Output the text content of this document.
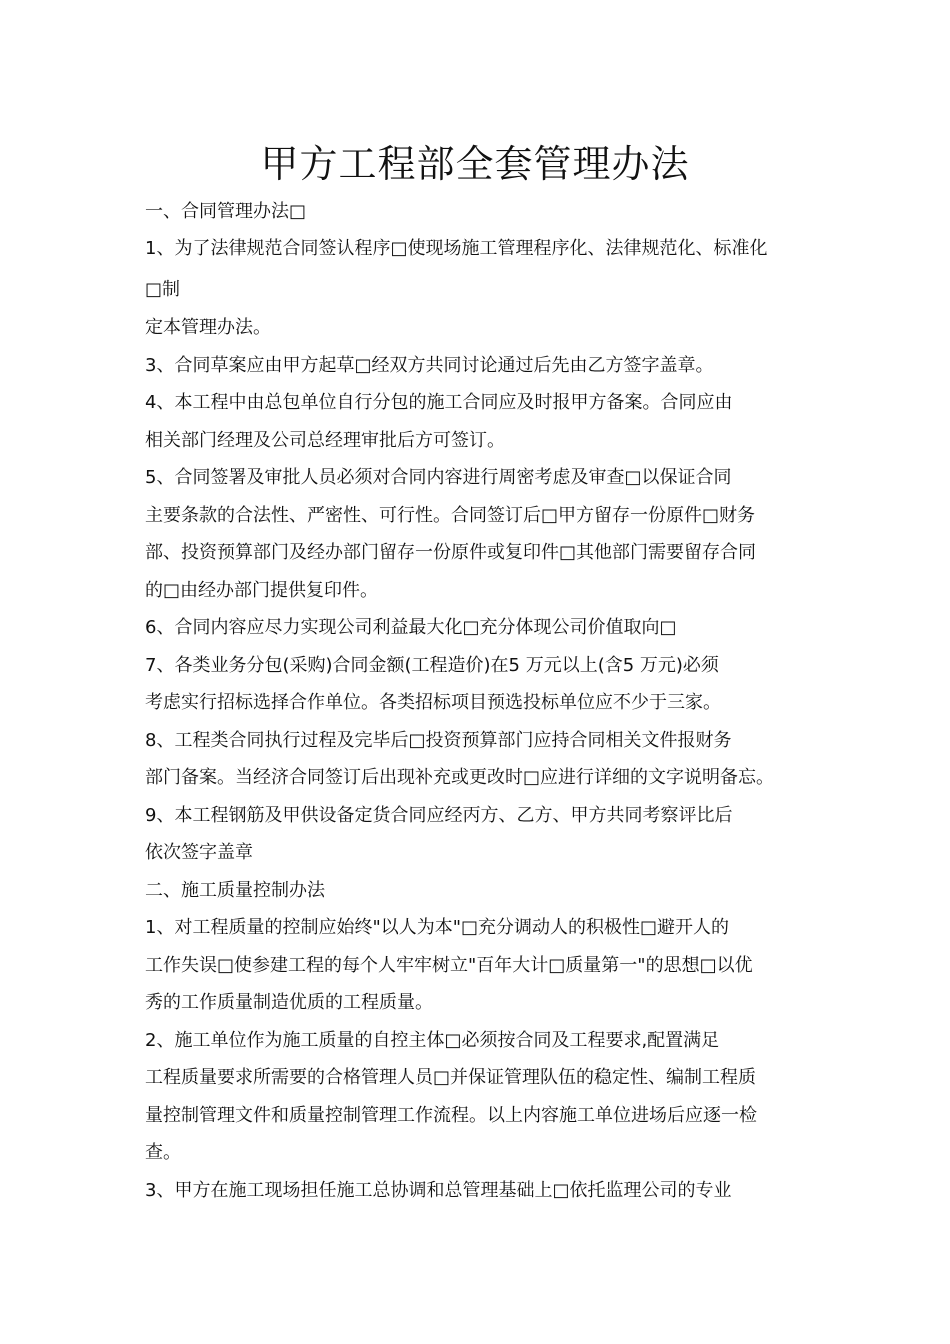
甲方工程部全套管理办法
一、合同管理办法□
1、为了法律规范合同签认程序□使现场施工管理程序化、法律规范化、标准化
□制
定本管理办法。
3、合同草案应由甲方起草□经双方共同讨论通过后先由乙方签字盖章。
4、本工程中由总包单位自行分包的施工合同应及时报甲方备案。合同应由
相关部门经理及公司总经理审批后方可签订。
5、合同签署及审批人员必须对合同内容进行周密考虑及审查□以保证合同
主要条款的合法性、严密性、可行性。合同签订后□甲方留存一份原件□财务
部、投资预算部门及经办部门留存一份原件或复印件□其他部门需要留存合同
的□由经办部门提供复印件。
6、合同内容应尽力实现公司利益最大化□充分体现公司价值取向□
7、各类业务分包(采购)合同金额(工程造价)在5 万元以上(含5 万元)必须
考虑实行招标选择合作单位。各类招标项目预选投标单位应不少于三家。
8、工程类合同执行过程及完毕后□投资预算部门应持合同相关文件报财务
部门备案。当经济合同签订后出现补充或更改时□应进行详细的文字说明备忘。
9、本工程钢筋及甲供设备定货合同应经丙方、乙方、甲方共同考察评比后
依次签字盖章
二、施工质量控制办法
1、对工程质量的控制应始终"以人为本"□充分调动人的积极性□避开人的
工作失误□使参建工程的每个人牢牢树立"百年大计□质量第一"的思想□以优
秀的工作质量制造优质的工程质量。
2、施工单位作为施工质量的自控主体□必须按合同及工程要求,配置满足
工程质量要求所需要的合格管理人员□并保证管理队伍的稳定性、编制工程质
量控制管理文件和质量控制管理工作流程。以上内容施工单位进场后应逐一检
查。
3、甲方在施工现场担任施工总协调和总管理基础上□依托监理公司的专业
